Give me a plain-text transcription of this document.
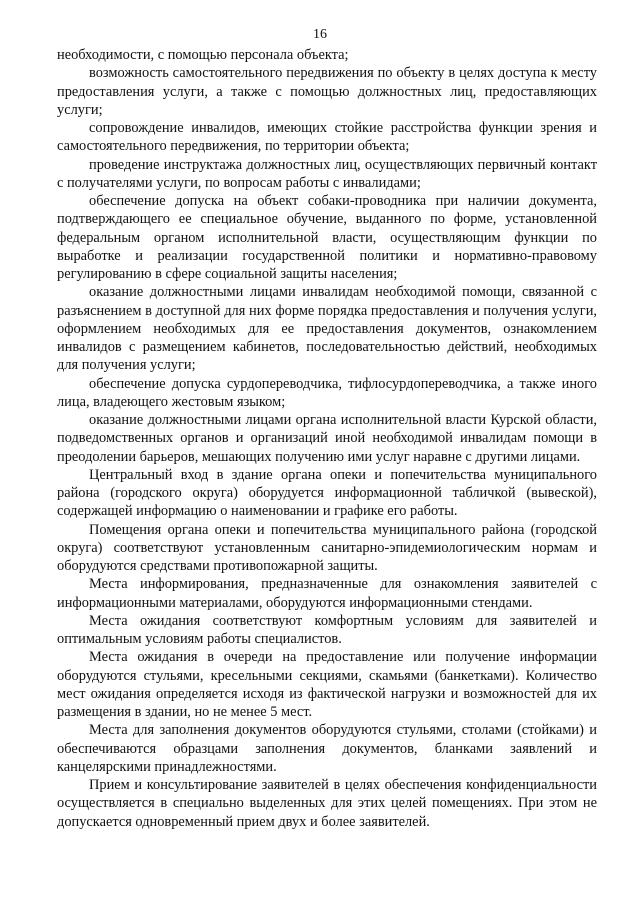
16

необходимости, с помощью персонала объекта;

возможность самостоятельного передвижения по объекту в целях доступа к месту предоставления услуги, а также с помощью должностных лиц, предоставляющих услуги;

сопровождение инвалидов, имеющих стойкие расстройства функции зрения и самостоятельного передвижения, по территории объекта;

проведение инструктажа должностных лиц, осуществляющих первичный контакт с получателями услуги, по вопросам работы с инвалидами;

обеспечение допуска на объект собаки-проводника при наличии документа, подтверждающего ее специальное обучение, выданного по форме, установленной федеральным органом исполнительной власти, осуществляющим функции по выработке и реализации государственной политики и нормативно-правовому регулированию в сфере социальной защиты населения;

оказание должностными лицами инвалидам необходимой помощи, связанной с разъяснением в доступной для них форме порядка предоставления и получения услуги, оформлением необходимых для ее предоставления документов, ознакомлением инвалидов с размещением кабинетов, последовательностью действий, необходимых для получения услуги;

обеспечение допуска сурдопереводчика, тифлосурдопереводчика, а также иного лица, владеющего жестовым языком;

оказание должностными лицами органа исполнительной власти Курской области, подведомственных органов и организаций иной необходимой инвалидам помощи в преодолении барьеров, мешающих получению ими услуг наравне с другими лицами.

Центральный вход в здание органа опеки и попечительства муниципального района (городского округа) оборудуется информационной табличкой (вывеской), содержащей информацию о наименовании и графике его работы.

Помещения органа опеки и попечительства муниципального района (городской округа) соответствуют установленным санитарно-эпидемиологическим нормам и оборудуются средствами противопожарной защиты.

Места информирования, предназначенные для ознакомления заявителей с информационными материалами, оборудуются информационными стендами.

Места ожидания соответствуют комфортным условиям для заявителей и оптимальным условиям работы специалистов.

Места ожидания в очереди на предоставление или получение информации оборудуются стульями, кресельными секциями, скамьями (банкетками). Количество мест ожидания определяется исходя из фактической нагрузки и возможностей для их размещения в здании, но не менее 5 мест.

Места для заполнения документов оборудуются стульями, столами (стойками) и обеспечиваются образцами заполнения документов, бланками заявлений и канцелярскими принадлежностями.

Прием и консультирование заявителей в целях обеспечения конфиденциальности осуществляется в специально выделенных для этих целей помещениях. При этом не допускается одновременный прием двух и более заявителей.
